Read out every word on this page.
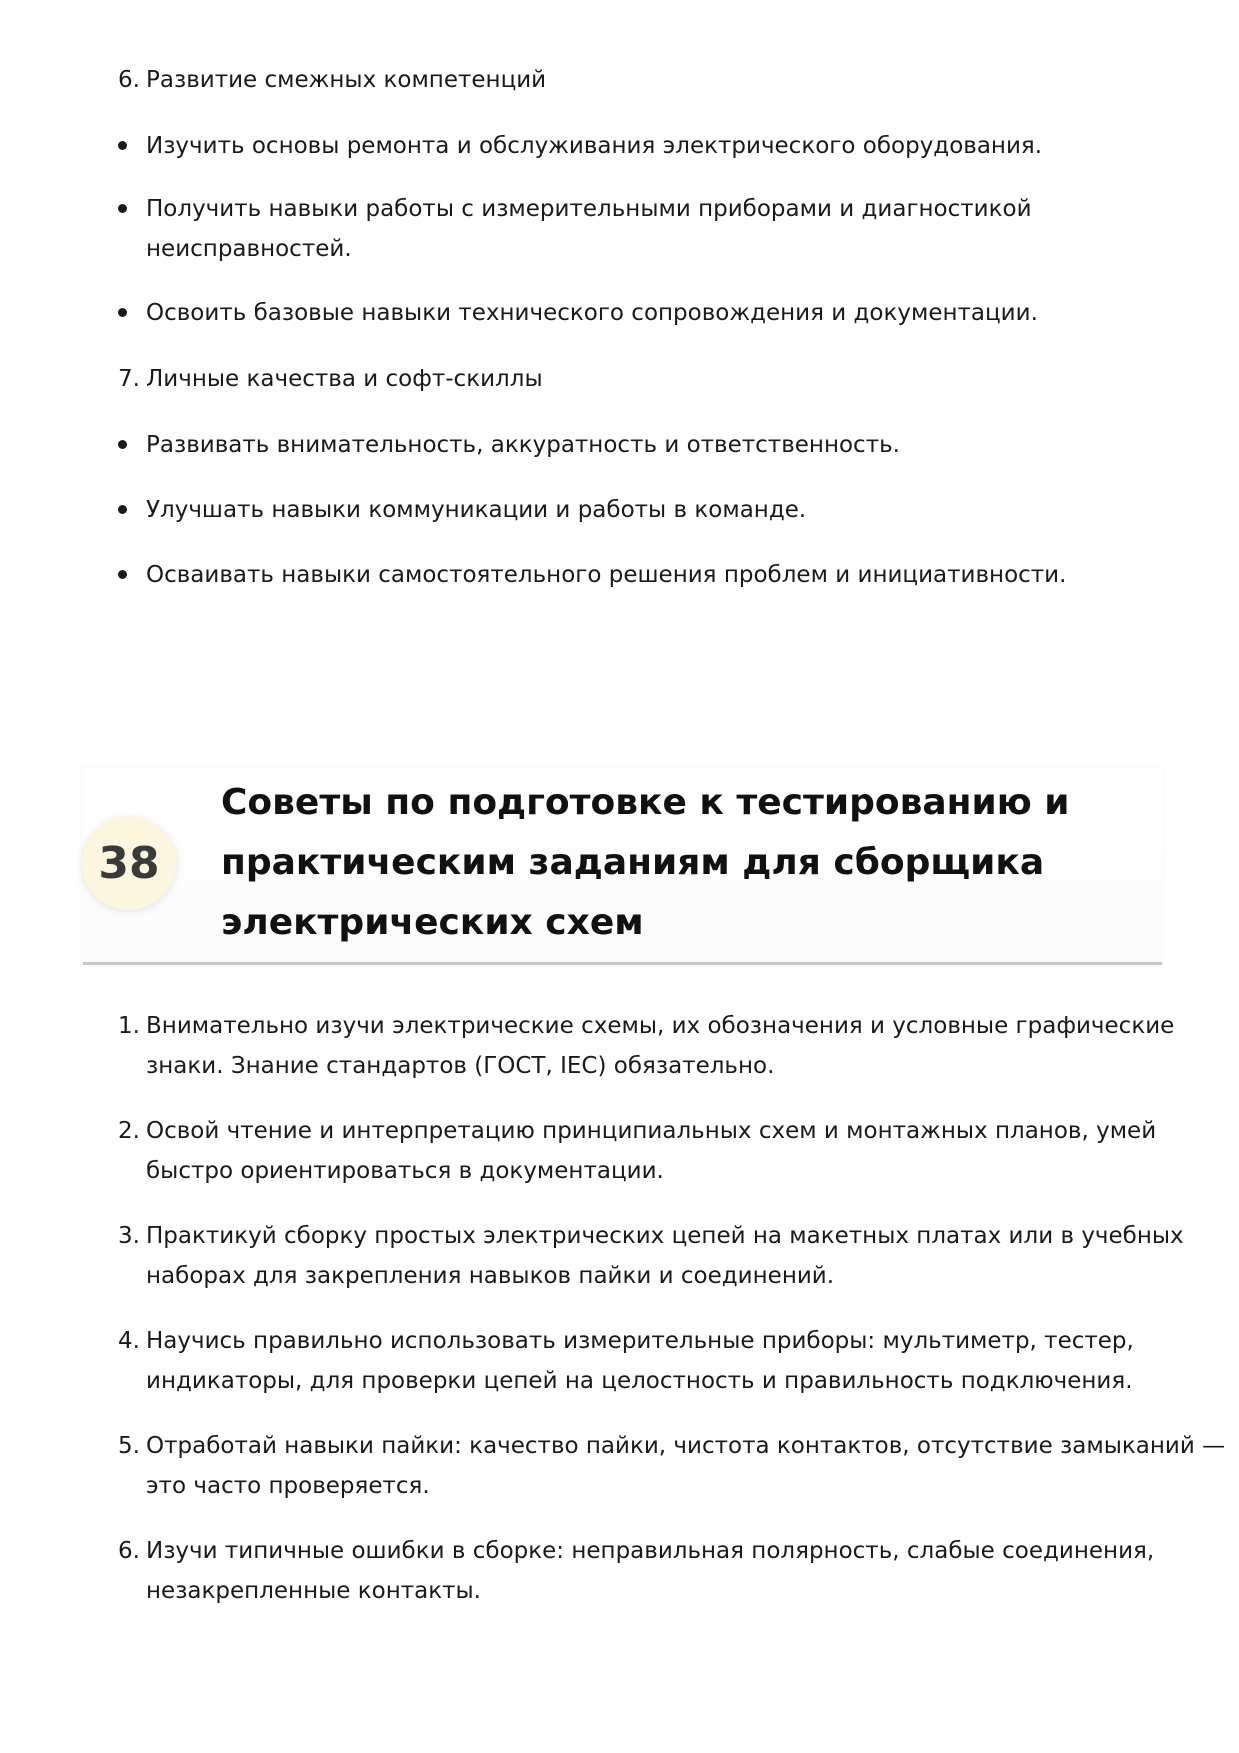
6. Развитие смежных компетенций
Изучить основы ремонта и обслуживания электрического оборудования.
Получить навыки работы с измерительными приборами и диагностикой
неисправностей.
Освоить базовые навыки технического сопровождения и документации.
7. Личные качества и софт-скиллы
Развивать внимательность, аккуратность и ответственность.
Улучшать навыки коммуникации и работы в команде.
Осваивать навыки самостоятельного решения проблем и инициативности.
38
Советы по подготовке к тестированию и
практическим заданиям для сборщика
электрических схем
1. Внимательно изучи электрические схемы, их обозначения и условные графические
знаки. Знание стандартов (ГОСТ, IEC) обязательно.
2. Освой чтение и интерпретацию принципиальных схем и монтажных планов, умей
быстро ориентироваться в документации.
3. Практикуй сборку простых электрических цепей на макетных платах или в учебных
наборах для закрепления навыков пайки и соединений.
4. Научись правильно использовать измерительные приборы: мультиметр, тестер,
индикаторы, для проверки цепей на целостность и правильность подключения.
5. Отработай навыки пайки: качество пайки, чистота контактов, отсутствие замыканий —
это часто проверяется.
6. Изучи типичные ошибки в сборке: неправильная полярность, слабые соединения,
незакрепленные контакты.
